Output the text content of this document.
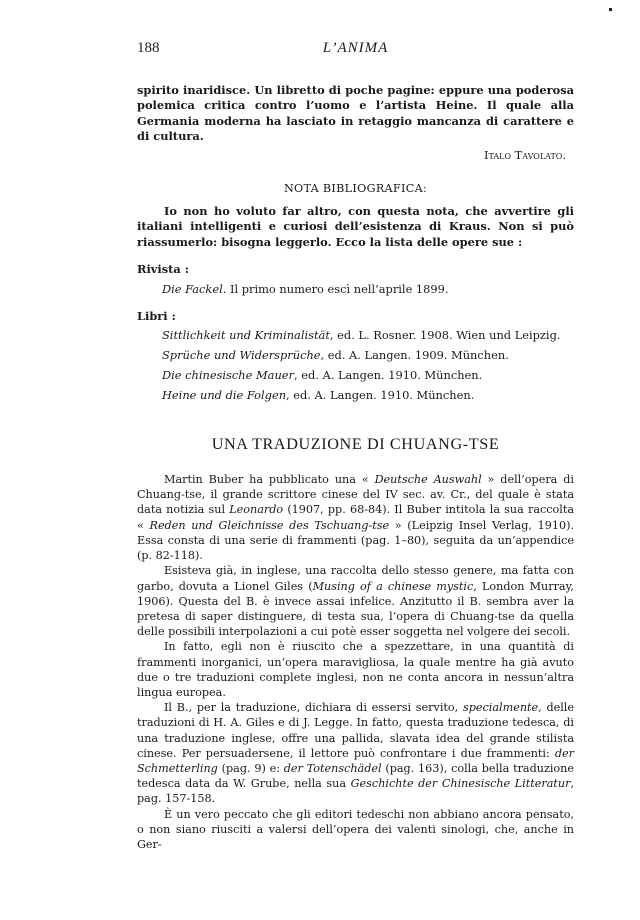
188	L’ANIMA

spirito inaridisce. Un libretto di poche pagine: eppure una poderosa polemica critica contro l’uomo e l’artista Heine. Il quale alla Germania moderna ha lasciato in retaggio mancanza di carattere e di cultura.

Italo Tavolato.
NOTA BIBLIOGRAFICA:

Io non ho voluto far altro, con questa nota, che avvertire gli italiani intelligenti e curiosi dell’esistenza di Kraus. Non si può riassumerlo: bisogna leggerlo. Ecco la lista delle opere sue :

Rivista :
Die Fackel. Il primo numero escì nell’aprile 1899.
Libri :
Sittlichkeit und Kriminalistät, ed. L. Rosner. 1908. Wien und Leipzig.
Sprüche und Widersprüche, ed. A. Langen. 1909. München.
Die chinesische Mauer, ed. A. Langen. 1910. München.
Heine und die Folgen, ed. A. Langen. 1910. München.
UNA TRADUZIONE DI CHUANG-TSE

Martin Buber ha pubblicato una « Deutsche Auswahl » dell’opera di Chuang-tse, il grande scrittore cinese del IV sec. av. Cr., del quale è stata data notizia sul Leonardo (1907, pp. 68-84). Il Buber intitola la sua raccolta « Reden und Gleichnisse des Tschuang-tse » (Leipzig Insel Verlag, 1910). Essa consta di una serie di frammenti (pag. 1–80), seguita da un’appendice (p. 82-118).

Esisteva già, in inglese, una raccolta dello stesso genere, ma fatta con garbo, dovuta a Lionel Giles (Musing of a chinese mystic, London Murray, 1906). Questa del B. è invece assai infelice. Anzitutto il B. sembra aver la pretesa di saper distinguere, di testa sua, l’opera di Chuang-tse da quella delle possibili interpolazioni a cui potè esser soggetta nel volgere dei secoli.

In fatto, egli non è riuscito che a spezzettare, in una quantità di frammenti inorganici, un’opera maravigliosa, la quale mentre ha già avuto due o tre traduzioni complete inglesi, non ne conta ancora in nessun’altra lingua europea.

Il B., per la traduzione, dichiara di essersi servito, specialmente, delle traduzioni di H. A. Giles e di J. Legge. In fatto, questa traduzione tedesca, di una traduzione inglese, offre una pallida, slavata idea del grande stilista cinese. Per persuadersene, il lettore può confrontare i due frammenti: der Schmetterling (pag. 9) e: der Totenschädel (pag. 163), colla bella traduzione tedesca data da W. Grube, nella sua Geschichte der Chinesische Litteratur, pag. 157-158.

È un vero peccato che gli editori tedeschi non abbiano ancora pensato, o non siano riusciti a valersi dell’opera dei valenti sinologi, che, anche in Ger-
